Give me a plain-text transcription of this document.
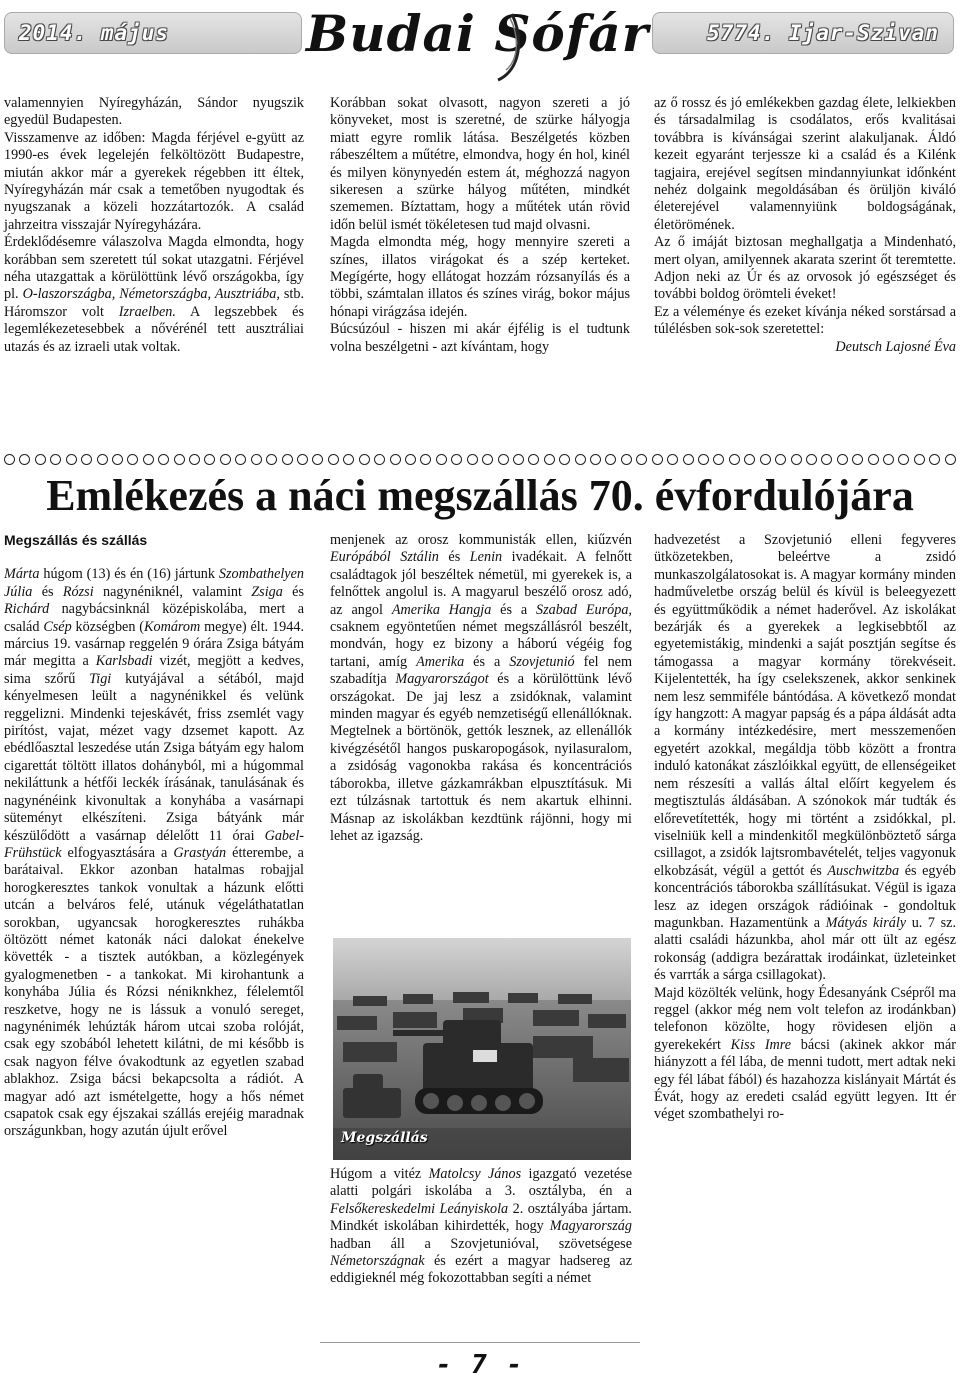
2014. május	Budai Sófár	5774. Ijar-Szivan

valamennyien Nyíregyházán, Sándor nyugszik egyedül Budapesten.

Visszamenve az időben: Magda férjével e-gyütt az 1990-es évek legelején felköltözött Budapestre, miután akkor már a gyerekek régebben itt éltek, Nyíregyházán már csak a temetőben nyugodtak és nyugszanak a közeli hozzátartozók. A család jahrzeitra visszajár Nyíregyházára.

Érdeklődésemre válaszolva Magda elmondta, hogy korábban sem szeretett túl sokat utazgatni. Férjével néha utazgattak a körülöttünk lévő országokba, így pl. O-laszországba, Németországba, Ausztriába, stb. Háromszor volt Izraelben. A legszebbek és legemlékezetesebbek a nővérénél tett ausztráliai utazás és az izraeli utak voltak.

Korábban sokat olvasott, nagyon szereti a jó könyveket, most is szeretné, de szürke hályogja miatt egyre romlik látása. Beszélgetés közben rábeszéltem a műtétre, elmondva, hogy én hol, kinél és milyen könynyedén estem át, méghozzá nagyon sikeresen a szürke hályog műtéten, mindkét szememen. Bíztattam, hogy a műtétek után rövid időn belül ismét tökéletesen tud majd olvasni.

Magda elmondta még, hogy mennyire szereti a színes, illatos virágokat és a szép kerteket. Megígérte, hogy ellátogat hozzám rózsanyílás és a többi, számtalan illatos és színes virág, bokor május hónapi virágzása idején.

Búcsúzóul - hiszen mi akár éjfélig is el tudtunk volna beszélgetni - azt kívántam, hogy

az ő rossz és jó emlékekben gazdag élete, lelkiekben és társadalmilag is csodálatos, erős kvalitásai továbbra is kívánságai szerint alakuljanak. Áldó kezeit egyaránt terjessze ki a család és a Kilénk tagjaira, erejével segítsen mindannyiunkat időnként nehéz dolgaink megoldásában és örüljön kiváló életerejével valamennyiünk boldogságának, életörömének.

Az ő imáját biztosan meghallgatja a Mindenható, mert olyan, amilyennek akarata szerint őt teremtette. Adjon neki az Úr és az orvosok jó egészséget és további boldog örömteli éveket!

Ez a véleménye és ezeket kívánja néked sorstársad a túlélésben sok-sok szeretettel:

Deutsch Lajosné Éva

Emlékezés a náci megszállás 70. évfordulójára

Megszállás és szállás

Márta húgom (13) és én (16) jártunk Szombathelyen Júlia és Rózsi nagynéniknél, valamint Zsiga és Richárd nagybácsinknál középiskolába, mert a család Csép községben (Komárom megye) élt. 1944. március 19. vasárnap reggelén 9 órára Zsiga bátyám már megitta a Karlsbadi vizét, megjött a kedves, sima szőrű Tigi kutyájával a sétából, majd kényelmesen leült a nagynénikkel és velünk reggelizni. Mindenki tejeskávét, friss zsemlét vagy pirítóst, vajat, mézet vagy dzsemet kapott. Az ebédlőasztal leszedése után Zsiga bátyám egy halom cigarettát töltött illatos dohányból, mi a húgommal nekiláttunk a hétfői leckék írásának, tanulásának és nagynénéink kivonultak a konyhába a vasárnapi süteményt elkészíteni. Zsiga bátyánk már készülődött a vasárnap délelőtt 11 órai Gabel-Frühstück elfogyasztására a Grastyán étterembe, a barátaival. Ekkor azonban hatalmas robajjal horogkeresztes tankok vonultak a házunk előtti utcán a belváros felé, utánuk végeláthatatlan sorokban, ugyancsak horogkeresztes ruhákba öltözött német katonák náci dalokat énekelve követték - a tisztek autókban, a közlegények gyalogmenetben - a tankokat. Mi kirohantunk a konyhába Júlia és Rózsi néniknkhez, félelemtől reszketve, hogy ne is lássuk a vonuló sereget, nagynénimék lehúzták három utcai szoba rolóját, csak egy szobából lehetett kilátni, de mi később is csak nagyon félve óvakodtunk az egyetlen szabad ablakhoz. Zsiga bácsi bekapcsolta a rádiót. A magyar adó azt ismételgette, hogy a hős német csapatok csak egy éjszakai szállás erejéig maradnak országunkban, hogy azután újult erővel

menjenek az orosz kommunisták ellen, kiűzvén Európából Sztálin és Lenin ivadékait. A felnőtt családtagok jól beszéltek németül, mi gyerekek is, a felnőttek angolul is. A magyarul beszélő orosz adó, az angol Amerika Hangja és a Szabad Európa, csaknem egyöntetűen német megszállásról beszélt, mondván, hogy ez bizony a háború végéig fog tartani, amíg Amerika és a Szovjetunió fel nem szabadítja Magyarországot és a körülöttünk lévő országokat. De jaj lesz a zsidóknak, valamint minden magyar és egyéb nemzetiségű ellenállóknak. Megtelnek a börtönök, gettók lesznek, az ellenállók kivégzésétől hangos puskaropogások, nyilasuralom, a zsidóság vagonokba rakása és koncentrációs táborokba, illetve gázkamrákban elpusztításuk. Mi ezt túlzásnak tartottuk és nem akartuk elhinni. Másnap az iskolákban kezdtünk rájönni, hogy mi lehet az igazság.

Megszállás

Húgom a vitéz Matolcsy János igazgató vezetése alatti polgári iskolába a 3. osztályba, én a Felsőkereskedelmi Leányiskola 2. osztályába jártam. Mindkét iskolában kihirdették, hogy Magyarország hadban áll a Szovjetunióval, szövetségese Németországnak és ezért a magyar hadsereg az eddigieknél még fokozottabban segíti a német

hadvezetést a Szovjetunió elleni fegyveres ütközetekben, beleértve a zsidó munkaszolgálatosokat is. A magyar kormány minden hadműveletbe ország belül és kívül is beleegyezett és együttműködik a német haderővel. Az iskolákat bezárják és a gyerekek a legkisebbtől az egyetemistákig, mindenki a saját posztján segítse és támogassa a magyar kormány törekvéseit. Kijelentették, ha így cselekszenek, akkor senkinek nem lesz semmiféle bántódása. A következő mondat így hangzott: A magyar papság és a pápa áldását adta a kormány intézkedésire, mert messzemenően egyetért azokkal, megáldja több között a frontra induló katonákat zászlóikkal együtt, de ellenségeiket nem részesíti a vallás által előírt kegyelem és megtisztulás áldásában. A szónokok már tudták és előrevetítették, hogy mi történt a zsidókkal, pl. viselniük kell a mindenkitől megkülönböztető sárga csillagot, a zsidók lajtsrombavételét, teljes vagyonuk elkobzását, végül a gettót és Auschwitzba és egyéb koncentrációs táborokba szállításukat. Végül is igaza lesz az idegen országok rádióinak - gondoltuk magunkban. Hazamentünk a Mátyás király u. 7 sz. alatti családi házunkba, ahol már ott ült az egész rokonság (addigra bezárattak irodáinkat, üzleteinket és varrták a sárga csillagokat).

Majd közölték velünk, hogy Édesanyánk Csépről ma reggel (akkor még nem volt telefon az irodánkban) telefonon közölte, hogy rövidesen eljön a gyerekekért Kiss Imre bácsi (akinek akkor már hiányzott a fél lába, de menni tudott, mert adtak neki egy fél lábat fából) és hazahozza kislányait Mártát és Évát, hogy az eredeti család együtt legyen. Itt ér véget szombathelyi ro-

- 7 -
